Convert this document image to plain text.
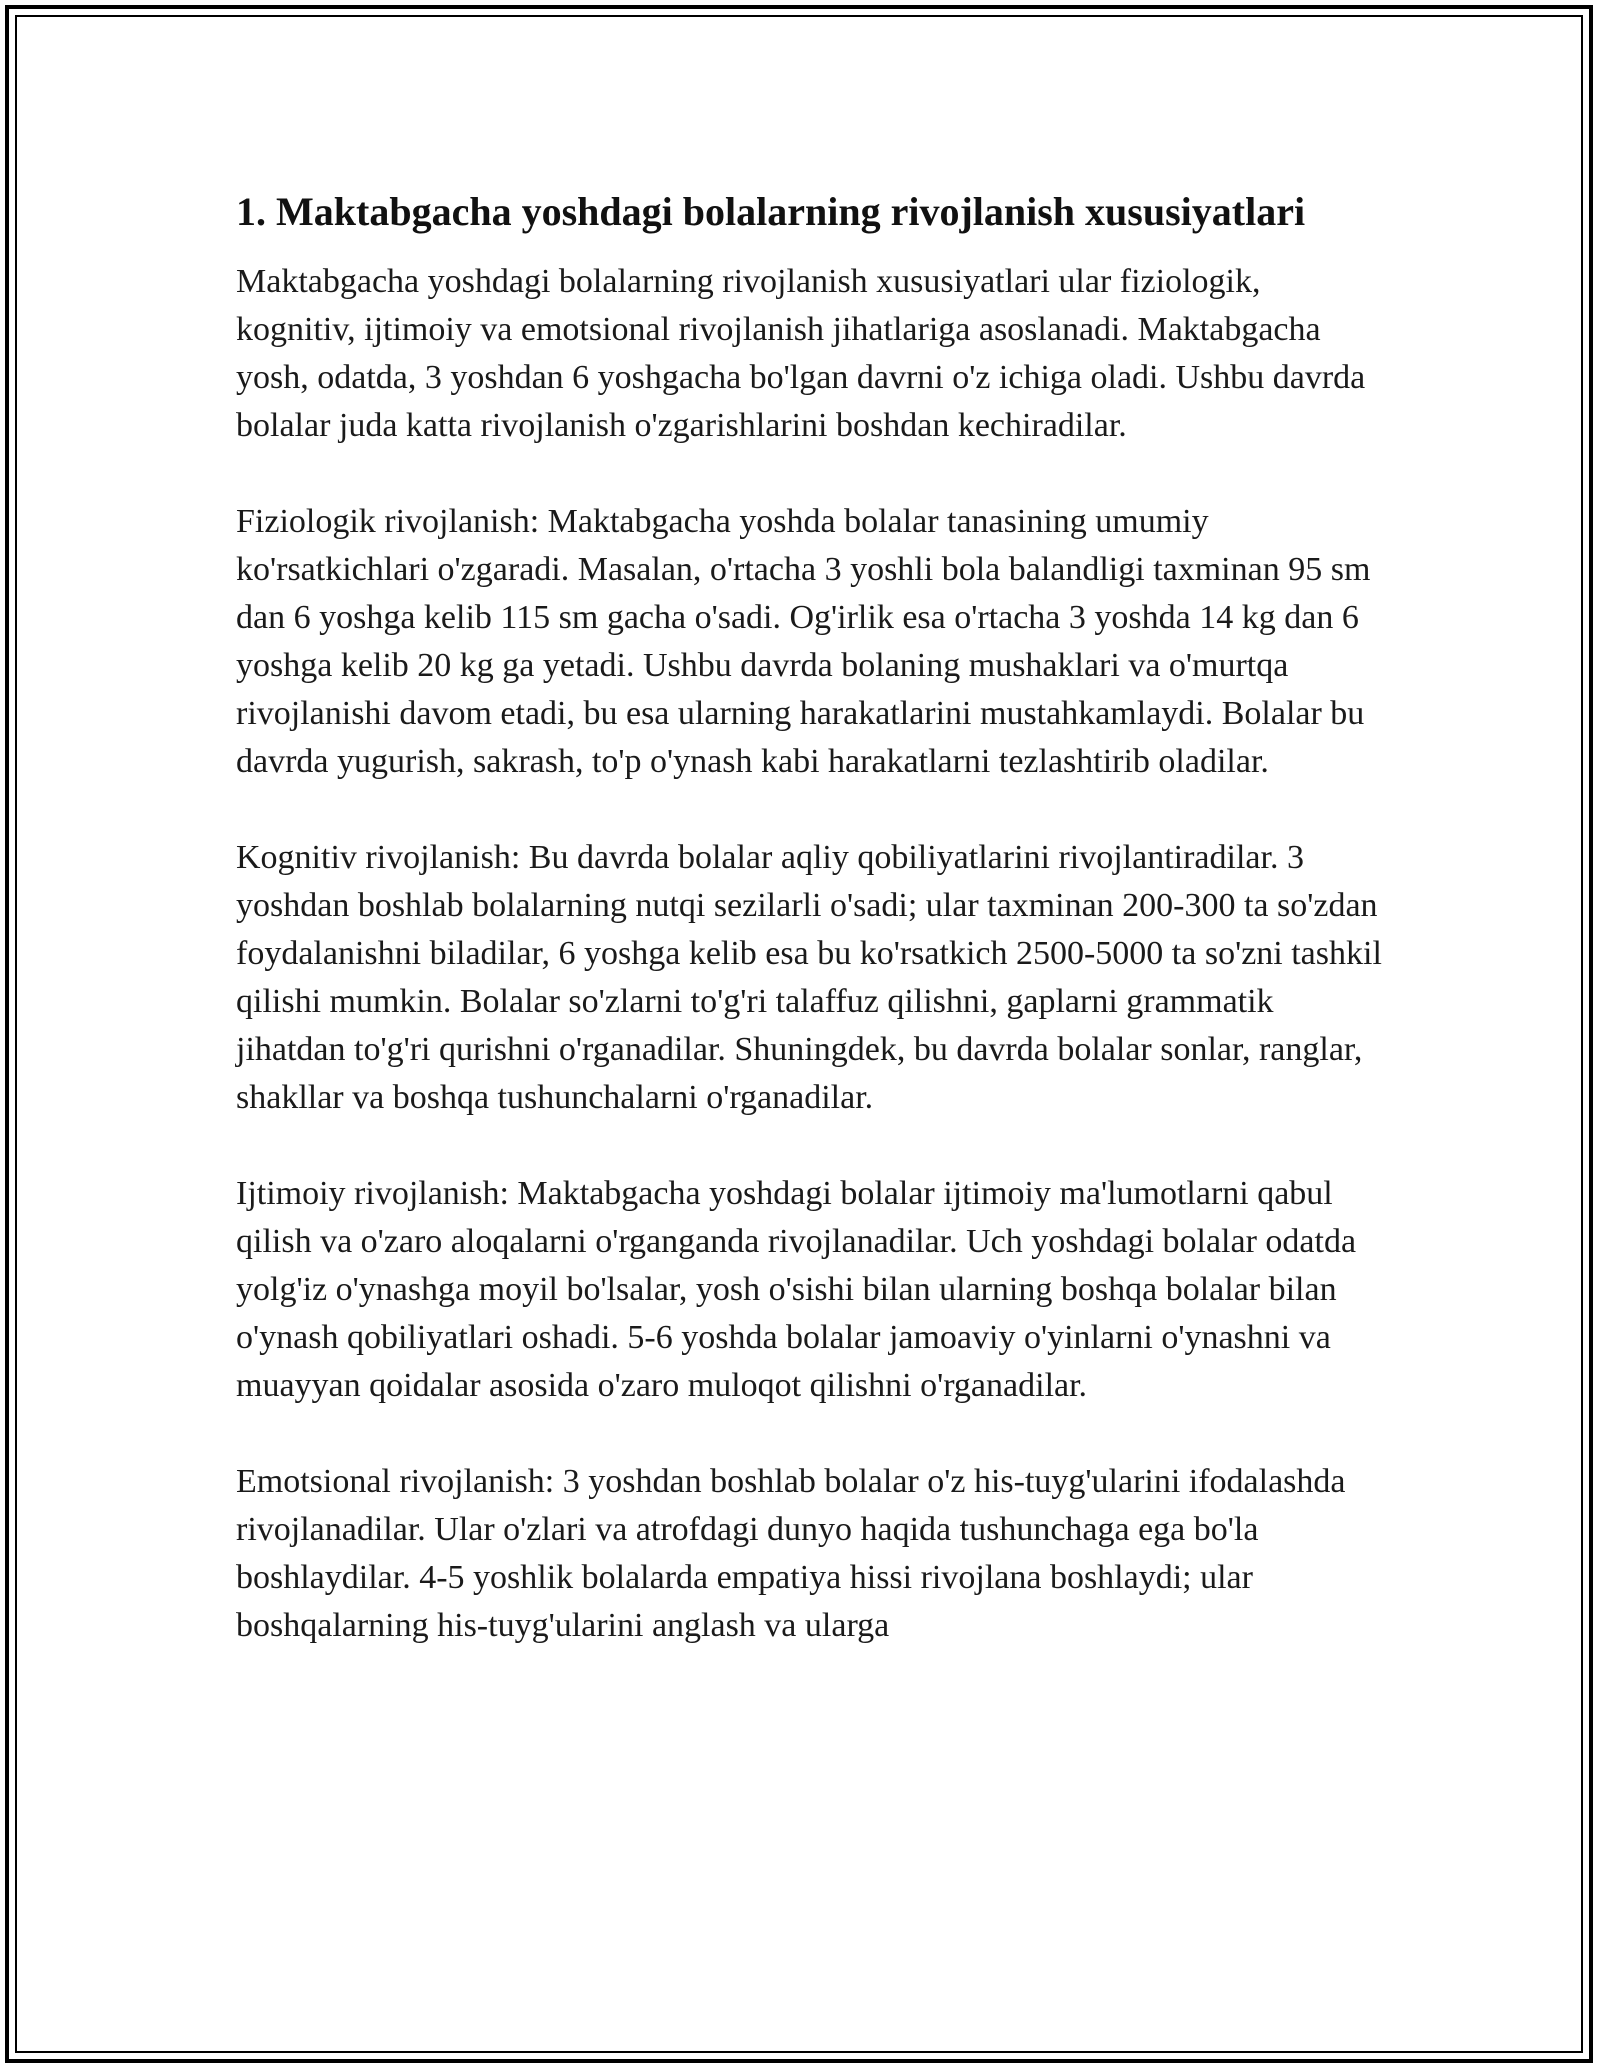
1. Maktabgacha yoshdagi bolalarning rivojlanish xususiyatlari

Maktabgacha yoshdagi bolalarning rivojlanish xususiyatlari ular fiziologik, kognitiv, ijtimoiy va emotsional rivojlanish jihatlariga asoslanadi. Maktabgacha yosh, odatda, 3 yoshdan 6 yoshgacha bo'lgan davrni o'z ichiga oladi. Ushbu davrda bolalar juda katta rivojlanish o'zgarishlarini boshdan kechiradilar.

Fiziologik rivojlanish: Maktabgacha yoshda bolalar tanasining umumiy ko'rsatkichlari o'zgaradi. Masalan, o'rtacha 3 yoshli bola balandligi taxminan 95 sm dan 6 yoshga kelib 115 sm gacha o'sadi. Og'irlik esa o'rtacha 3 yoshda 14 kg dan 6 yoshga kelib 20 kg ga yetadi. Ushbu davrda bolaning mushaklari va o'murtqa rivojlanishi davom etadi, bu esa ularning harakatlarini mustahkamlaydi. Bolalar bu davrda yugurish, sakrash, to'p o'ynash kabi harakatlarni tezlashtirib oladilar.

Kognitiv rivojlanish: Bu davrda bolalar aqliy qobiliyatlarini rivojlantiradilar. 3 yoshdan boshlab bolalarning nutqi sezilarli o'sadi; ular taxminan 200-300 ta so'zdan foydalanishni biladilar, 6 yoshga kelib esa bu ko'rsatkich 2500-5000 ta so'zni tashkil qilishi mumkin. Bolalar so'zlarni to'g'ri talaffuz qilishni, gaplarni grammatik jihatdan to'g'ri qurishni o'rganadilar. Shuningdek, bu davrda bolalar sonlar, ranglar, shakllar va boshqa tushunchalarni o'rganadilar.

Ijtimoiy rivojlanish: Maktabgacha yoshdagi bolalar ijtimoiy ma'lumotlarni qabul qilish va o'zaro aloqalarni o'rganganda rivojlanadilar. Uch yoshdagi bolalar odatda yolg'iz o'ynashga moyil bo'lsalar, yosh o'sishi bilan ularning boshqa bolalar bilan o'ynash qobiliyatlari oshadi. 5-6 yoshda bolalar jamoaviy o'yinlarni o'ynashni va muayyan qoidalar asosida o'zaro muloqot qilishni o'rganadilar.

Emotsional rivojlanish: 3 yoshdan boshlab bolalar o'z his-tuyg'ularini ifodalashda rivojlanadilar. Ular o'zlari va atrofdagi dunyo haqida tushunchaga ega bo'la boshlaydilar. 4-5 yoshlik bolalarda empatiya hissi rivojlana boshlaydi; ular boshqalarning his-tuyg'ularini anglash va ularga
